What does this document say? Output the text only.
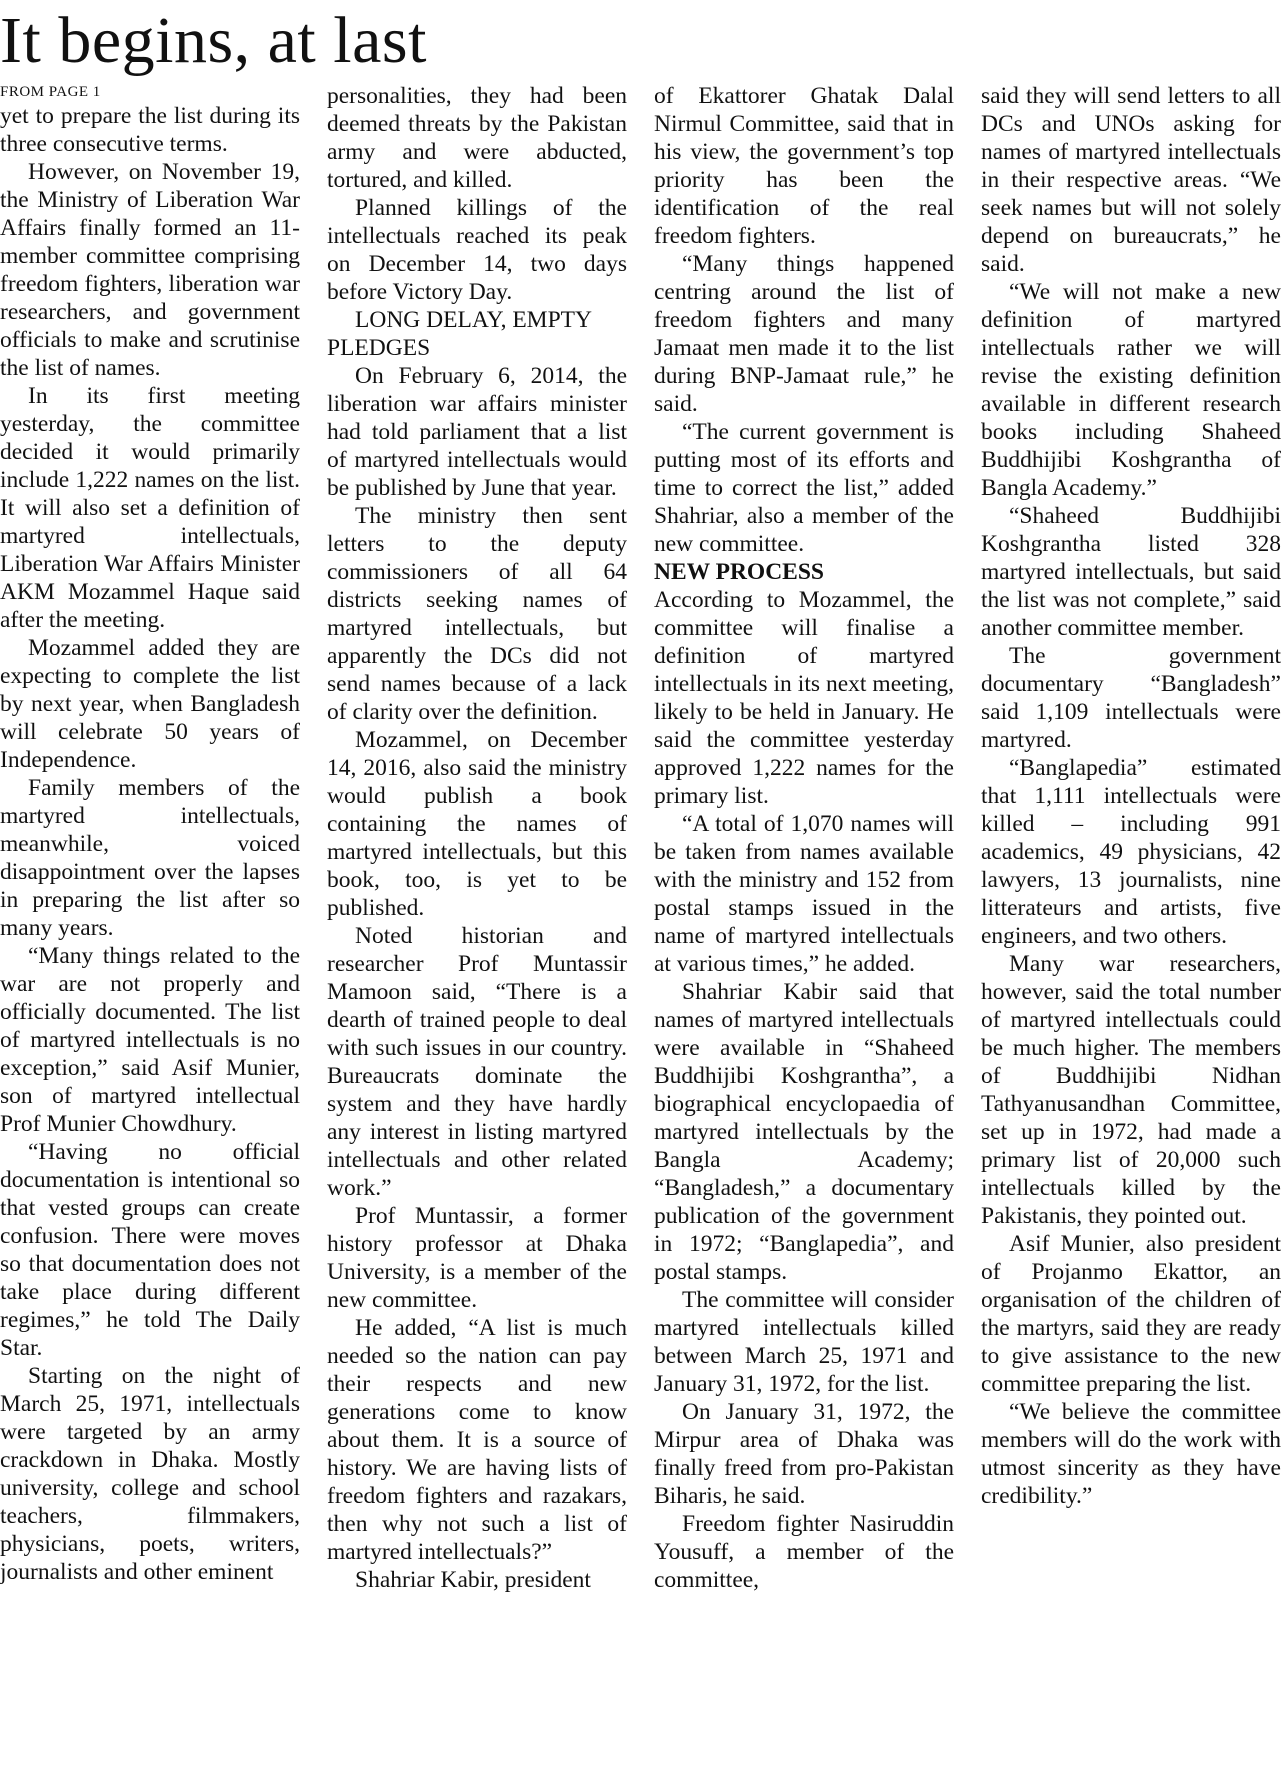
It begins, at last
FROM PAGE 1

yet to prepare the list during its three consecutive terms.

However, on November 19, the Ministry of Liberation War Affairs finally formed an 11-member committee comprising freedom fighters, liberation war researchers, and government officials to make and scrutinise the list of names.

In its first meeting yesterday, the committee decided it would primarily include 1,222 names on the list. It will also set a definition of martyred intellectuals, Liberation War Affairs Minister AKM Mozammel Haque said after the meeting.

Mozammel added they are expecting to complete the list by next year, when Bangladesh will celebrate 50 years of Independence.

Family members of the martyred intellectuals, meanwhile, voiced disappointment over the lapses in preparing the list after so many years.

“Many things related to the war are not properly and officially documented. The list of martyred intellectuals is no exception,” said Asif Munier, son of martyred intellectual Prof Munier Chowdhury.

“Having no official documentation is intentional so that vested groups can create confusion. There were moves so that documentation does not take place during different regimes,” he told The Daily Star.

Starting on the night of March 25, 1971, intellectuals were targeted by an army crackdown in Dhaka. Mostly university, college and school teachers, filmmakers, physicians, poets, writers, journalists and other eminent

personalities, they had been deemed threats by the Pakistan army and were abducted, tortured, and killed.

Planned killings of the intellectuals reached its peak on December 14, two days before Victory Day.

LONG DELAY, EMPTY PLEDGES

On February 6, 2014, the liberation war affairs minister had told parliament that a list of martyred intellectuals would be published by June that year.

The ministry then sent letters to the deputy commissioners of all 64 districts seeking names of martyred intellectuals, but apparently the DCs did not send names because of a lack of clarity over the definition.

Mozammel, on December 14, 2016, also said the ministry would publish a book containing the names of martyred intellectuals, but this book, too, is yet to be published.

Noted historian and researcher Prof Muntassir Mamoon said, “There is a dearth of trained people to deal with such issues in our country. Bureaucrats dominate the system and they have hardly any interest in listing martyred intellectuals and other related work.”

Prof Muntassir, a former history professor at Dhaka University, is a member of the new committee.

He added, “A list is much needed so the nation can pay their respects and new generations come to know about them. It is a source of history. We are having lists of freedom fighters and razakars, then why not such a list of martyred intellectuals?”

Shahriar Kabir, president

of Ekattorer Ghatak Dalal Nirmul Committee, said that in his view, the government’s top priority has been the identification of the real freedom fighters.

“Many things happened centring around the list of freedom fighters and many Jamaat men made it to the list during BNP-Jamaat rule,” he said.

“The current government is putting most of its efforts and time to correct the list,” added Shahriar, also a member of the new committee.

NEW PROCESS

According to Mozammel, the committee will finalise a definition of martyred intellectuals in its next meeting, likely to be held in January. He said the committee yesterday approved 1,222 names for the primary list.

“A total of 1,070 names will be taken from names available with the ministry and 152 from postal stamps issued in the name of martyred intellectuals at various times,” he added.

Shahriar Kabir said that names of martyred intellectuals were available in “Shaheed Buddhijibi Koshgrantha”, a biographical encyclopaedia of martyred intellectuals by the Bangla Academy; “Bangladesh,” a documentary publication of the government in 1972; “Banglapedia”, and postal stamps.

The committee will consider martyred intellectuals killed between March 25, 1971 and January 31, 1972, for the list.

On January 31, 1972, the Mirpur area of Dhaka was finally freed from pro-Pakistan Biharis, he said.

Freedom fighter Nasiruddin Yousuff, a member of the committee,

said they will send letters to all DCs and UNOs asking for names of martyred intellectuals in their respective areas. “We seek names but will not solely depend on bureaucrats,” he said.

“We will not make a new definition of martyred intellectuals rather we will revise the existing definition available in different research books including Shaheed Buddhijibi Koshgrantha of Bangla Academy.”

“Shaheed Buddhijibi Koshgrantha listed 328 martyred intellectuals, but said the list was not complete,” said another committee member.

The government documentary “Bangladesh” said 1,109 intellectuals were martyred.

“Banglapedia” estimated that 1,111 intellectuals were killed – including 991 academics, 49 physicians, 42 lawyers, 13 journalists, nine litterateurs and artists, five engineers, and two others.

Many war researchers, however, said the total number of martyred intellectuals could be much higher. The members of Buddhijibi Nidhan Tathyanusandhan Committee, set up in 1972, had made a primary list of 20,000 such intellectuals killed by the Pakistanis, they pointed out.

Asif Munier, also president of Projanmo Ekattor, an organisation of the children of the martyrs, said they are ready to give assistance to the new committee preparing the list.

“We believe the committee members will do the work with utmost sincerity as they have credibility.”
